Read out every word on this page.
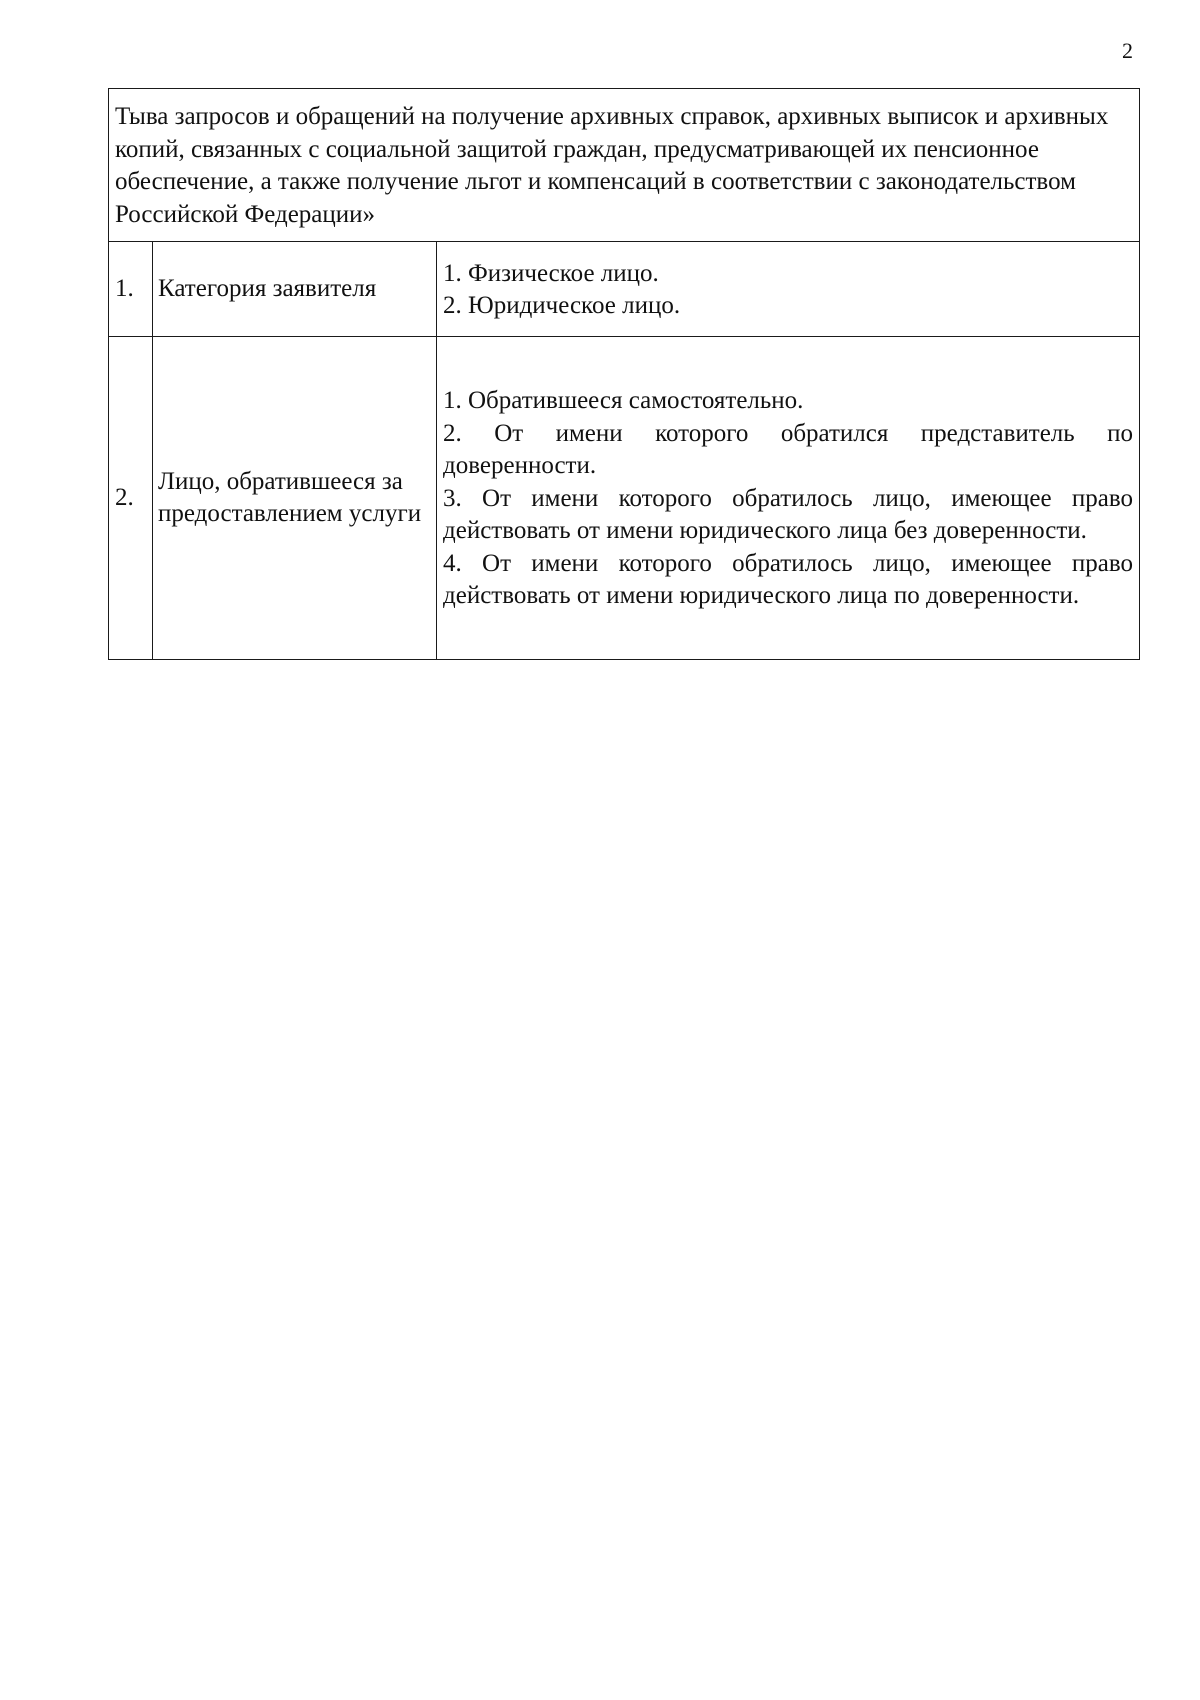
2
Тыва запросов и обращений на получение архивных справок, архивных выписок и архивных копий, связанных с социальной защитой граждан, предусматривающей их пенсионное обеспечение, а также получение льгот и компенсаций в соответствии с законодательством Российской Федерации»		
1.	Категория заявителя	1. Физическое лицо.
2. Юридическое лицо.

2.	Лицо, обратившееся за предоставлением услуги	1. Обратившееся самостоятельно.
2. От имени которого обратился представитель по доверенности.
3. От имени которого обратилось лицо, имеющее право действовать от имени юридического лица без доверенности.
4. От имени которого обратилось лицо, имеющее право действовать от имени юридического лица по доверенности.
